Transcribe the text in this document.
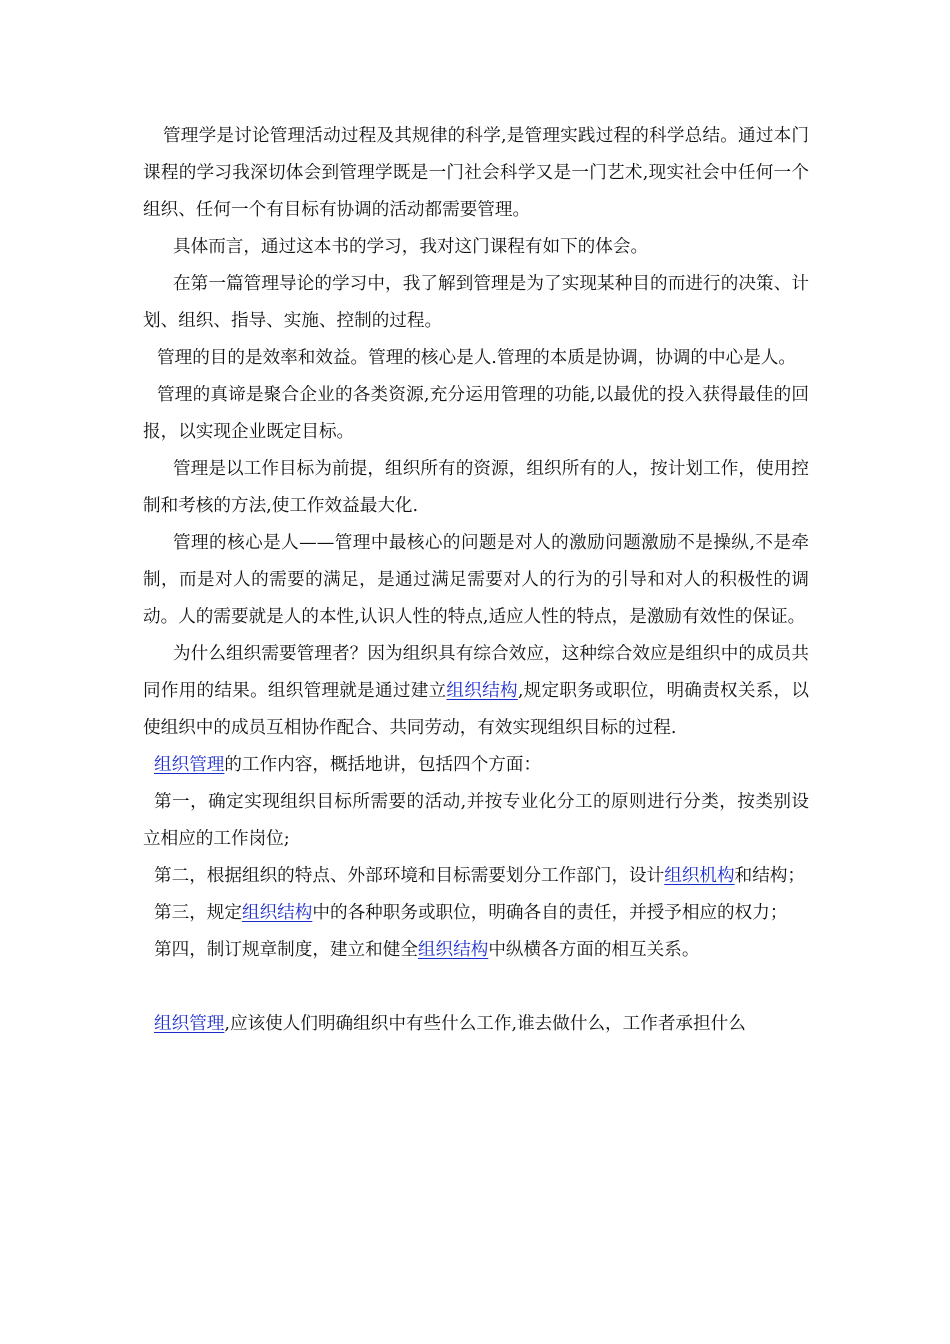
管理学是讨论管理活动过程及其规律的科学,是管理实践过程的科学总结。通过本门课程的学习我深切体会到管理学既是一门社会科学又是一门艺术,现实社会中任何一个组织、任何一个有目标有协调的活动都需要管理。

具体而言，通过这本书的学习，我对这门课程有如下的体会。

在第一篇管理导论的学习中，我了解到管理是为了实现某种目的而进行的决策、计划、组织、指导、实施、控制的过程。

管理的目的是效率和效益。管理的核心是人.管理的本质是协调，协调的中心是人。

管理的真谛是聚合企业的各类资源,充分运用管理的功能,以最优的投入获得最佳的回报，以实现企业既定目标。

管理是以工作目标为前提，组织所有的资源，组织所有的人，按计划工作，使用控制和考核的方法,使工作效益最大化.

管理的核心是人——管理中最核心的问题是对人的激励问题激励不是操纵,不是牵制，而是对人的需要的满足，是通过满足需要对人的行为的引导和对人的积极性的调动。人的需要就是人的本性,认识人性的特点,适应人性的特点，是激励有效性的保证。

为什么组织需要管理者？因为组织具有综合效应，这种综合效应是组织中的成员共同作用的结果。组织管理就是通过建立组织结构,规定职务或职位，明确责权关系，以使组织中的成员互相协作配合、共同劳动，有效实现组织目标的过程.

组织管理的工作内容，概括地讲，包括四个方面：

第一，确定实现组织目标所需要的活动,并按专业化分工的原则进行分类，按类别设立相应的工作岗位;

第二，根据组织的特点、外部环境和目标需要划分工作部门，设计组织机构和结构；

第三，规定组织结构中的各种职务或职位，明确各自的责任，并授予相应的权力；

第四，制订规章制度，建立和健全组织结构中纵横各方面的相互关系。

组织管理,应该使人们明确组织中有些什么工作,谁去做什么，工作者承担什么
